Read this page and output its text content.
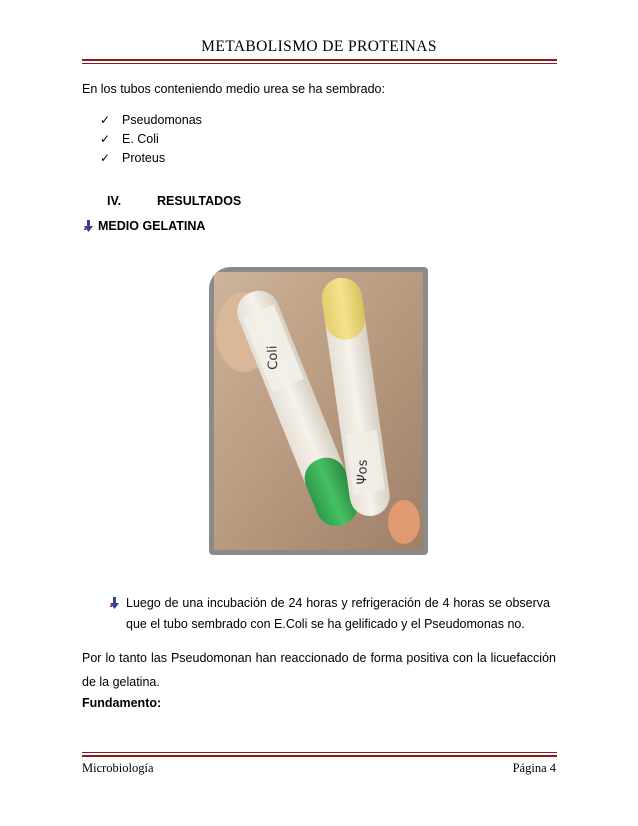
METABOLISMO DE PROTEINAS
En los tubos conteniendo medio urea se ha sembrado:
✓ Pseudomonas
✓ E. Coli
✓ Proteus
IV.	RESULTADOS
MEDIO GELATINA
Coli
Ψos
Luego de una incubación de 24 horas y refrigeración de 4 horas se observa que el tubo sembrado con E.Coli se ha gelificado y el Pseudomonas no.
Por lo tanto las Pseudomonan han reaccionado de forma positiva con la licuefacción de la gelatina.
Fundamento:
Microbiología	Página 4
